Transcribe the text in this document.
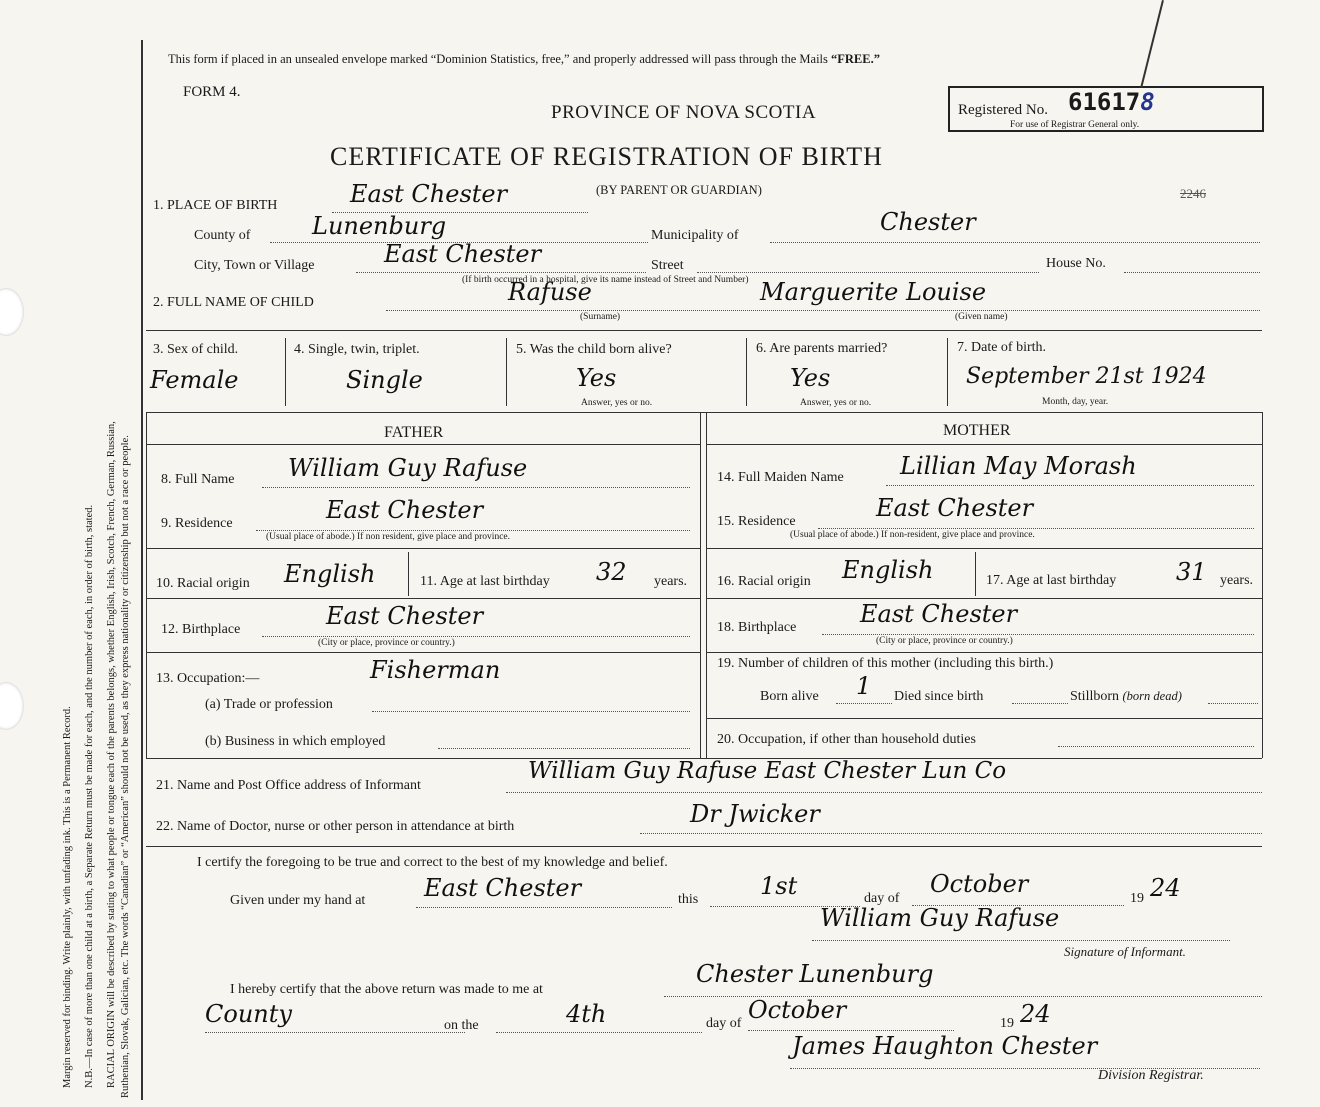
Margin reserved for binding. Write plainly, with unfading ink. This is a Permanent Record. N.B.—In case of more than one child at a birth, a Separate Return must be made for each, and the number of each, in order of birth, stated. RACIAL ORIGIN will be described by stating to what people or tongue each of the parents belongs, whether English, Irish, Scotch, French, German, Russian, Ruthenian, Slovak, Galician, etc. The words “Canadian” or “American” should not be used, as they express nationality or citizenship but not a race or people.
This form if placed in an unsealed envelope marked “Dominion Statistics, free,” and properly addressed will pass through the Mails “FREE.”
FORM 4.
PROVINCE OF NOVA SCOTIA
CERTIFICATE OF REGISTRATION OF BIRTH
(BY PARENT OR GUARDIAN)
Registered No. 616178
For use of Registrar General only.
2246
1. PLACE OF BIRTH	East Chester
County of	Lunenburg	Municipality of	Chester
City, Town or Village	East Chester	Street	House No.
(If birth occurred in a hospital, give its name instead of Street and Number)
2. FULL NAME OF CHILD	Rafuse	Marguerite Louise
(Surname)	(Given name)
3. Sex of child.
Female
4. Single, twin, triplet.
Single
5. Was the child born alive?
Yes
Answer, yes or no.
6. Are parents married?
Yes
Answer, yes or no.
7. Date of birth.
September 21st 1924
Month, day, year.
FATHER	MOTHER
8. Full Name William Guy Rafuse
9. Residence	East Chester
(Usual place of abode.) If non resident, give place and province.
10. Racial origin English	11. Age at last birthday 32 years.
12. Birthplace	East Chester
(City or place, province or country.)
13. Occupation:—	Fisherman
(a) Trade or profession
(b) Business in which employed
14. Full Maiden Name Lillian May Morash
15. Residence	East Chester
(Usual place of abode.) If non-resident, give place and province.
16. Racial origin English	17. Age at last birthday 31 years.
18. Birthplace	East Chester
(City or place, province or country.)
19. Number of children of this mother (including this birth.)
Born alive 1 Died since birth	Stillborn (born dead)
20. Occupation, if other than household duties
21. Name and Post Office address of Informant
William Guy Rafuse East Chester Lun Co
22. Name of Doctor, nurse or other person in attendance at birth	Dr Jwicker
I certify the foregoing to be true and correct to the best of my knowledge and belief.
Given under my hand at East Chester	this	1st	day of
October
19 24
William Guy Rafuse
Signature of Informant.
I hereby certify that the above return was made to me at
Chester Lunenburg
County	on the	4th	day of October	19 24
James Haughton Chester
Division Registrar.
